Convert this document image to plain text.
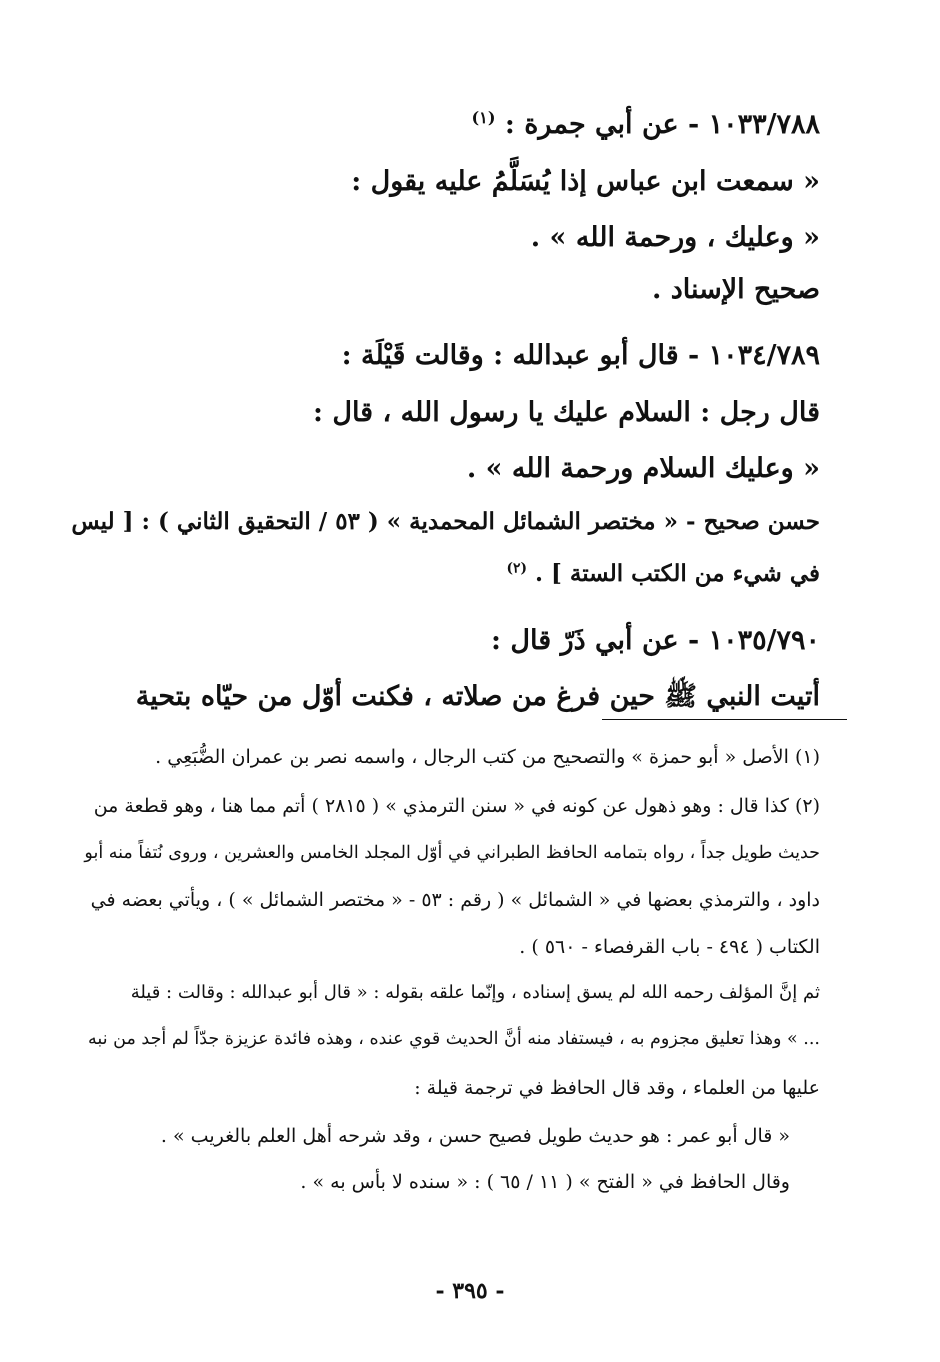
١٠٣٣/٧٨٨ - عن أبي جمرة : $^{(١)}$
« سمعت ابن عباس إذا يُسَلَّمُ عليه يقول :
« وعليك ، ورحمة الله » .
صحيح الإسناد .
١٠٣٤/٧٨٩ - قال أبو عبدالله : وقالت قَيْلَة :
قال رجل : السلام عليك يا رسول الله ، قال :
« وعليك السلام ورحمة الله » .
حسن صحيح - « مختصر الشمائل المحمدية » ( ٥٣ / التحقيق الثاني ) : [ ليس
في شيء من الكتب الستة ] . $^{(٢)}$
١٠٣٥/٧٩٠ - عن أبي ذَرّ قال :
أتيت النبي ﷺ حين فرغ من صلاته ، فكنت أوّل من حيّاه بتحية
(١) الأصل « أبو حمزة » والتصحيح من كتب الرجال ، واسمه نصر بن عمران الضُّبَعِي .
(٢) كذا قال : وهو ذهول عن كونه في « سنن الترمذي » ( ٢٨١٥ ) أتم مما هنا ، وهو قطعة من
حديث طويل جداً ، رواه بتمامه الحافظ الطبراني في أوّل المجلد الخامس والعشرين ، وروى نُتفاً منه أبو
داود ، والترمذي بعضها في « الشمائل » ( رقم : ٥٣ - « مختصر الشمائل » ) ، ويأتي بعضه في
الكتاب ( ٤٩٤ - باب القرفصاء - ٥٦٠ ) .
ثم إنَّ المؤلف رحمه الله لم يسق إسناده ، وإنّما علقه بقوله : « قال أبو عبدالله : وقالت : قيلة
... » وهذا تعليق مجزوم به ، فيستفاد منه أنَّ الحديث قوي عنده ، وهذه فائدة عزيزة جدّاً لم أجد من نبه
عليها من العلماء ، وقد قال الحافظ في ترجمة قيلة :
« قال أبو عمر : هو حديث طويل فصيح حسن ، وقد شرحه أهل العلم بالغريب » .
وقال الحافظ في « الفتح » ( ١١ / ٦٥ ) : « سنده لا بأس به » .
- ٣٩٥ -
